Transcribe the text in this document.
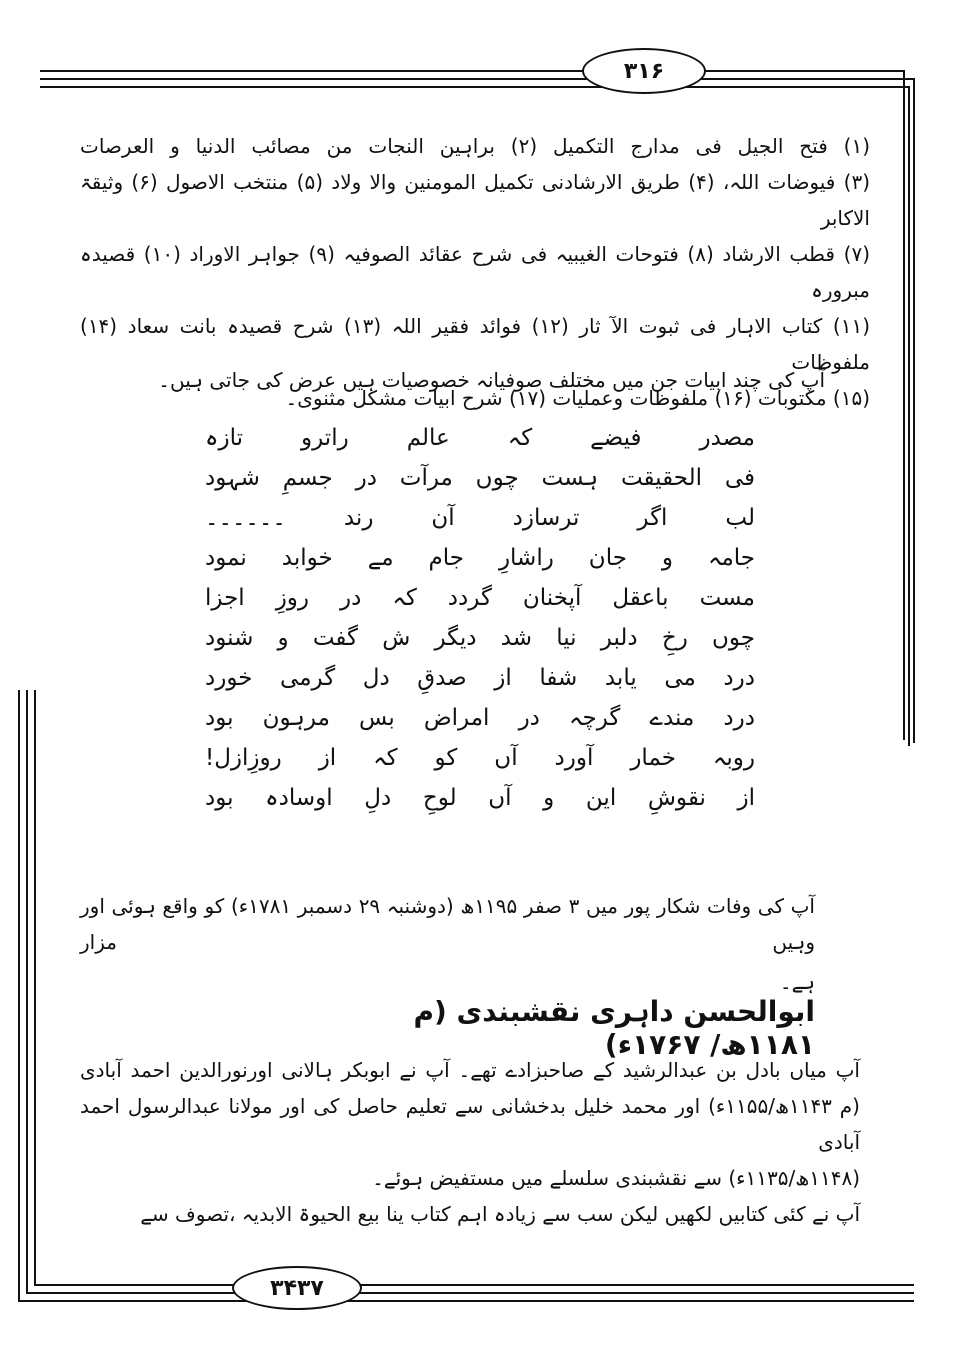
۳۱۶
۳۴۳۷
(۱) فتح الجیل فی مدارج التکمیل (۲) براہین النجات من مصائب الدنیا و العرصات
(۳) فیوضات اللہ، (۴) طریق الارشادنی تکمیل المومنین والا ولاد (۵) منتخب الاصول (۶) وثیقۃ الاکابر
(۷) قطب الارشاد (۸) فتوحات الغیبیہ فی شرح عقائد الصوفیہ (۹) جواہر الاوراد (۱۰) قصیدہ مبرورہ
(۱۱) کتاب الاہار فی ثبوت الآ ثار (۱۲) فوائد فقیر اللہ (۱۳) شرح قصیدہ بانت سعاد (۱۴) ملفوظات
(۱۵) مکتوبات (۱۶) ملفوظات وعملیات (۱۷) شرح ابیات مشکل مثنوی۔
آپ کی چند ابیات جن میں مختلف صوفیانہ خصوصیات ہیں عرض کی جاتی ہیں۔
مصدر فیضے کہ عالم راترو تازہ
فی الحقیقت ہست چوں مرآت در جسمِ شہود
لب اگر ترسازد آن رند ۔۔۔۔۔۔
جامہ و جان راشارِ جام مے خوابد نمود
مست باعقل آپخنان گردد کہ در روزِ اجزا
چوں رخِ دلبر نیا شد دیگر ش گفت و شنود
درد می یابد شفا از صدقِ دل گرمی خورد
درد مندے گرچہ در امراض بس مرہون بود
روبہ خمار آورد آں کو کہ از روزِازل!
از نقوشِ این و آں لوحِ دلِ اوسادہ بود
آپ کی وفات شکار پور میں ۳ صفر ۱۱۹۵ھ (دوشنبہ ۲۹ دسمبر ۱۷۸۱ء) کو واقع ہوئی اور وہیں مزار
ہے۔
ابوالحسن داہری نقشبندی (م ۱۱۸۱ھ/ ۱۷۶۷ء)
آپ میاں بادل بن عبدالرشید کے صاحبزادے تھے۔ آپ نے ابوبکر ہالانی اورنورالدین احمد آبادی
(م ۱۱۴۳ھ/۱۱۵۵ء) اور محمد خلیل بدخشانی سے تعلیم حاصل کی اور مولانا عبدالرسول احمد آبادی
(۱۱۴۸ھ/۱۱۳۵ء) سے نقشبندی سلسلے میں مستفیض ہوئے۔
آپ نے کئی کتابیں لکھیں لیکن سب سے زیادہ اہم کتاب ینا بیع الحیوۃ الابدیہ ،تصوف سے
